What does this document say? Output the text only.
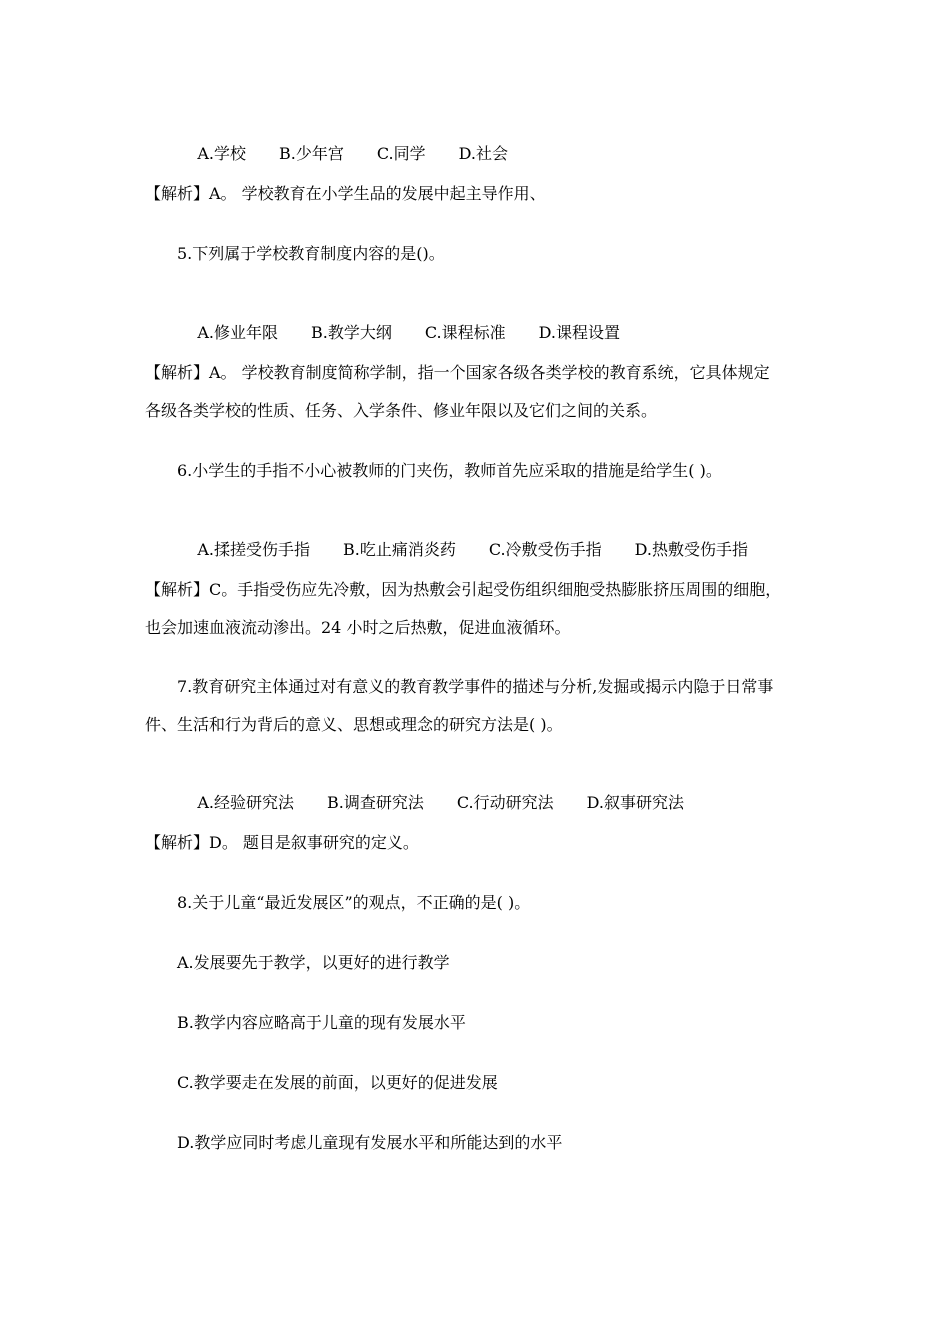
A.学校 B.少年宫 C.同学 D.社会

【解析】A。 学校教育在小学生品的发展中起主导作用、
5.下列属于学校教育制度内容的是()。

A.修业年限 B.教学大纲 C.课程标准 D.课程设置

【解析】A。 学校教育制度简称学制，指一个国家各级各类学校的教育系统，它具体规定
各级各类学校的性质、任务、入学条件、修业年限以及它们之间的关系。
6.小学生的手指不小心被教师的门夹伤，教师首先应采取的措施是给学生( )。

A.揉搓受伤手指 B.吃止痛消炎药 C.冷敷受伤手指 D.热敷受伤手指

【解析】C。手指受伤应先冷敷，因为热敷会引起受伤组织细胞受热膨胀挤压周围的细胞，
也会加速血液流动渗出。24 小时之后热敷，促进血液循环。
7.教育研究主体通过对有意义的教育教学事件的描述与分析,发掘或揭示内隐于日常事
件、生活和行为背后的意义、思想或理念的研究方法是( )。

A.经验研究法 B.调查研究法 C.行动研究法 D.叙事研究法

【解析】D。 题目是叙事研究的定义。
8.关于儿童“最近发展区”的观点，不正确的是( )。
A.发展要先于教学，以更好的进行教学
B.教学内容应略高于儿童的现有发展水平
C.教学要走在发展的前面，以更好的促进发展
D.教学应同时考虑儿童现有发展水平和所能达到的水平
